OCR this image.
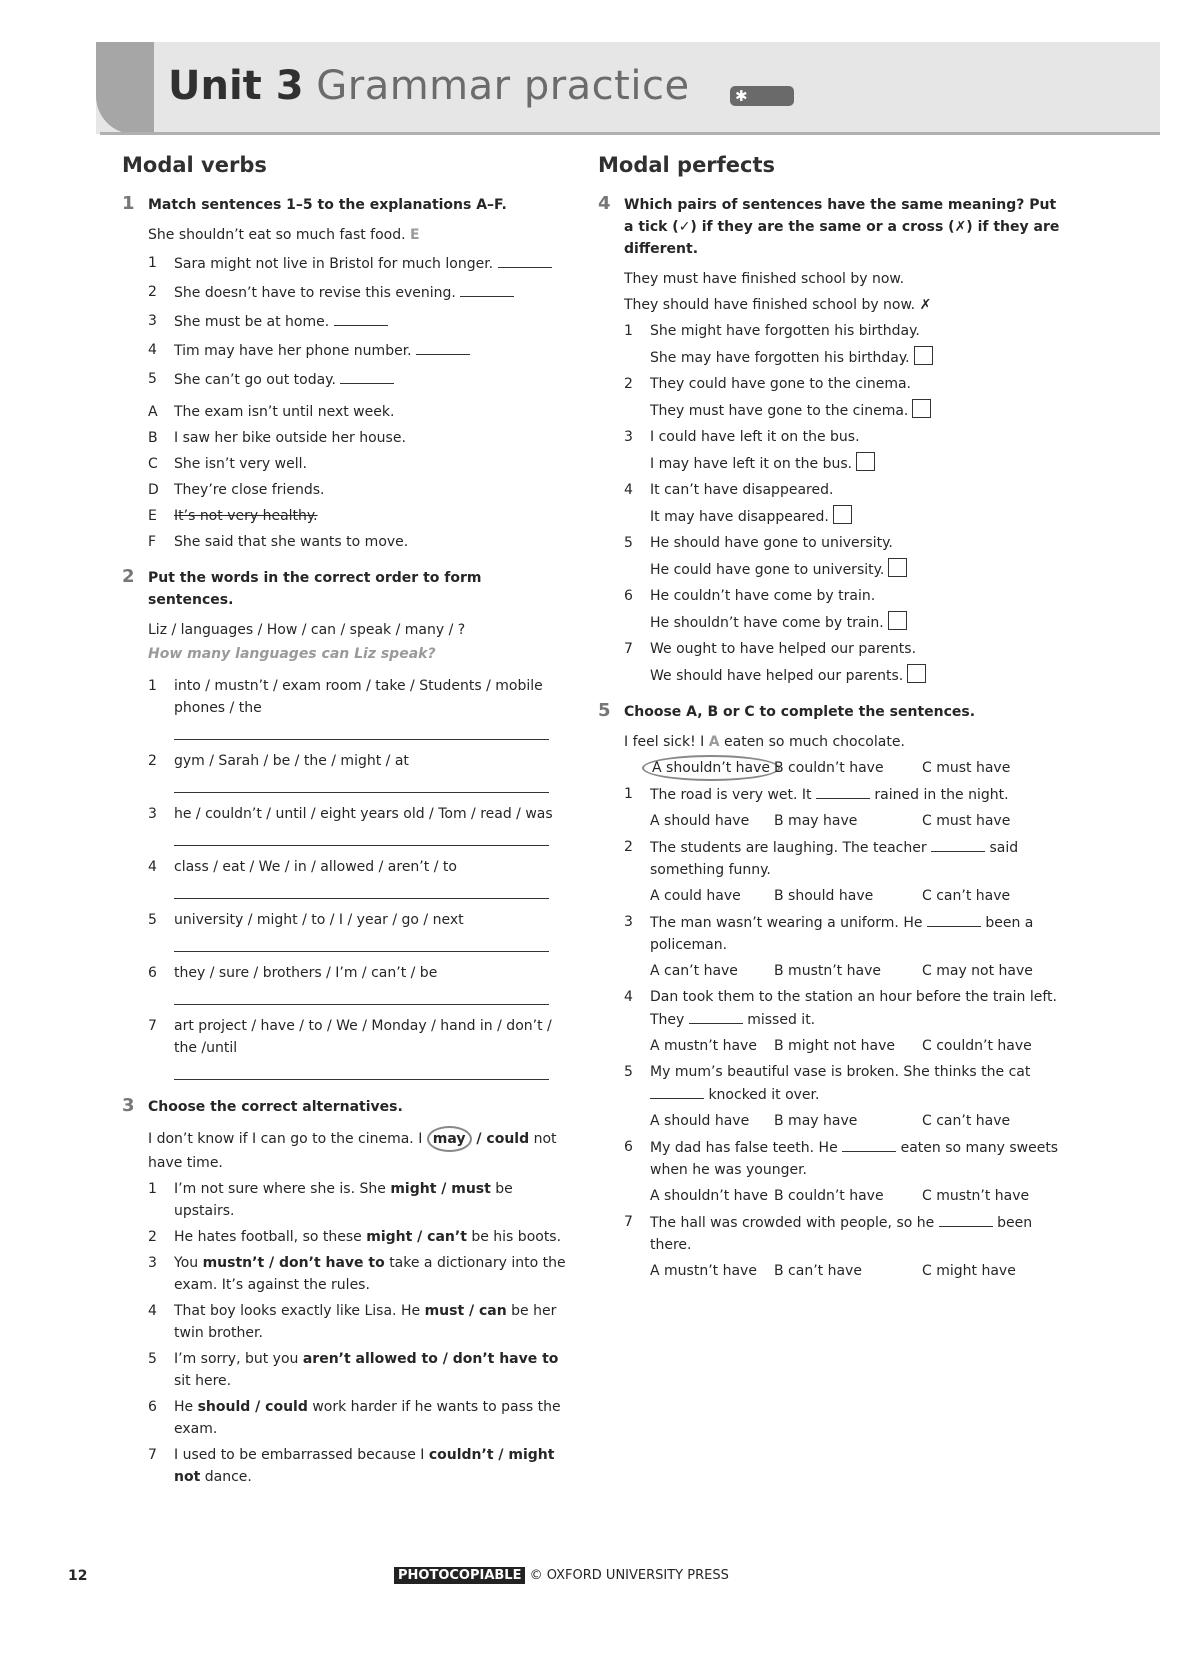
Unit 3 Grammar practice	✱
Modal verbs
1 Match sentences 1–5 to the explanations A–F.
She shouldn’t eat so much fast food. E
1 Sara might not live in Bristol for much longer.
2 She doesn’t have to revise this evening.
3 She must be at home.
4 Tim may have her phone number.
5 She can’t go out today.
A The exam isn’t until next week.
B I saw her bike outside her house.
C She isn’t very well.
D They’re close friends.
E It’s not very healthy.
F She said that she wants to move.
2 Put the words in the correct order to form sentences.
Liz / languages / How / can / speak / many / ?
How many languages can Liz speak?
1 into / mustn’t / exam room / take / Students / mobile phones / the
2 gym / Sarah / be / the / might / at
3 he / couldn’t / until / eight years old / Tom / read / was
4 class / eat / We / in / allowed / aren’t / to
5 university / might / to / I / year / go / next
6 they / sure / brothers / I’m / can’t / be
7 art project / have / to / We / Monday / hand in / don’t / the /until
3 Choose the correct alternatives.
I don’t know if I can go to the cinema. I may / could not have time.
1 I’m not sure where she is. She might / must be upstairs.
2 He hates football, so these might / can’t be his boots.
3 You mustn’t / don’t have to take a dictionary into the exam. It’s against the rules.
4 That boy looks exactly like Lisa. He must / can be her twin brother.
5 I’m sorry, but you aren’t allowed to / don’t have to sit here.
6 He should / could work harder if he wants to pass the exam.
7 I used to be embarrassed because I couldn’t / might not dance.
Modal perfects
4 Which pairs of sentences have the same meaning? Put a tick (✓) if they are the same or a cross (✗) if they are different.
They must have finished school by now.
They should have finished school by now. ✗
1 She might have forgotten his birthday.
She may have forgotten his birthday.
2 They could have gone to the cinema.
They must have gone to the cinema.
3 I could have left it on the bus.
I may have left it on the bus.
4 It can’t have disappeared.
It may have disappeared.
5 He should have gone to university.
He could have gone to university.
6 He couldn’t have come by train.
He shouldn’t have come by train.
7 We ought to have helped our parents.
We should have helped our parents.
5 Choose A, B or C to complete the sentences.
I feel sick! I A eaten so much chocolate.
A shouldn’t have B couldn’t have	C must have
1 The road is very wet. It	rained in the night.
A should have B may have	C must have
2 The students are laughing. The teacher	said something funny.
A could have B should have	C can’t have
3 The man wasn’t wearing a uniform. He	been a policeman.
A can’t have	B mustn’t have	C may not have
4 Dan took them to the station an hour before the train left. They	missed it.
A mustn’t have B might not have C couldn’t have
5 My mum’s beautiful vase is broken. She thinks the cat  knocked it over.
A should have B may have	C can’t have
6 My dad has false teeth. He	eaten so many sweets when he was younger.
A shouldn’t have B couldn’t have	C mustn’t have
7 The hall was crowded with people, so he	been there.
A mustn’t have B can’t have	C might have
12	PHOTOCOPIABLE © OXFORD UNIVERSITY PRESS
